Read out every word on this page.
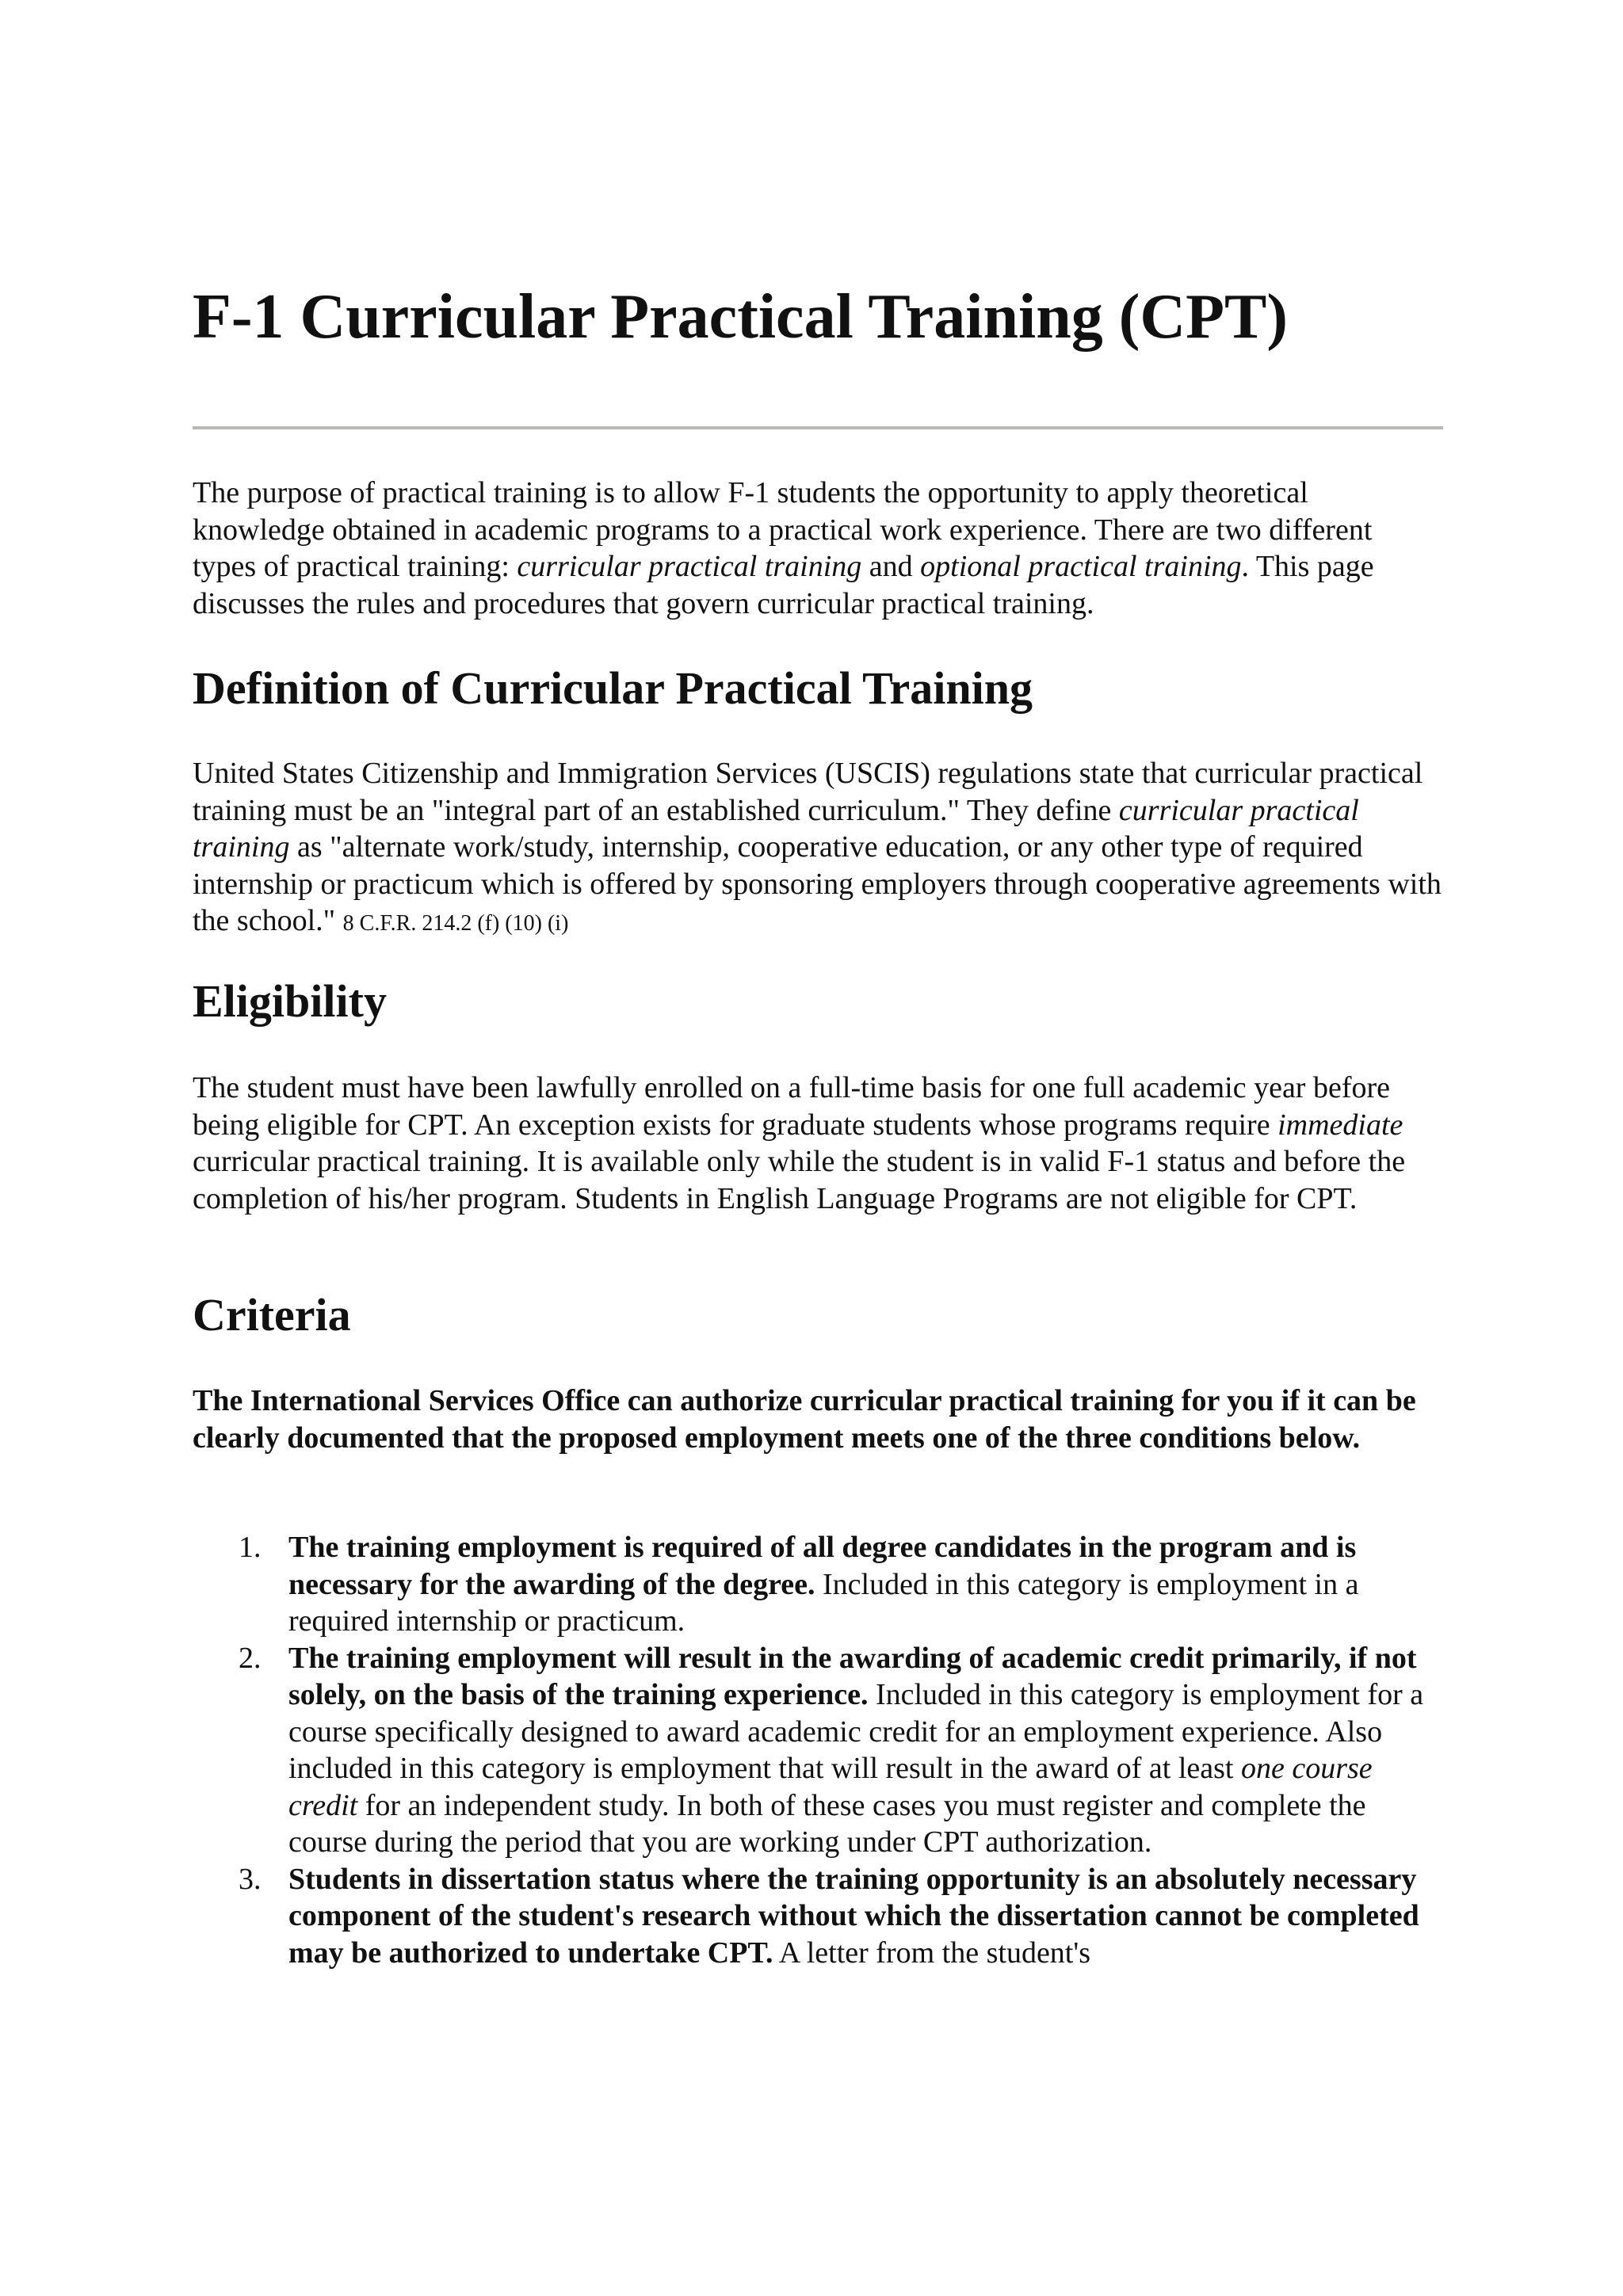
F-1 Curricular Practical Training (CPT)

The purpose of practical training is to allow F-1 students the opportunity to apply theoretical knowledge obtained in academic programs to a practical work experience. There are two different types of practical training: curricular practical training and optional practical training. This page discusses the rules and procedures that govern curricular practical training.

Definition of Curricular Practical Training

United States Citizenship and Immigration Services (USCIS) regulations state that curricular practical training must be an "integral part of an established curriculum." They define curricular practical training as "alternate work/study, internship, cooperative education, or any other type of required internship or practicum which is offered by sponsoring employers through cooperative agreements with the school." 8 C.F.R. 214.2 (f) (10) (i)

Eligibility

The student must have been lawfully enrolled on a full-time basis for one full academic year before being eligible for CPT. An exception exists for graduate students whose programs require immediate curricular practical training. It is available only while the student is in valid F-1 status and before the completion of his/her program. Students in English Language Programs are not eligible for CPT.

Criteria

The International Services Office can authorize curricular practical training for you if it can be clearly documented that the proposed employment meets one of the three conditions below.

1. The training employment is required of all degree candidates in the program and is necessary for the awarding of the degree. Included in this category is employment in a required internship or practicum.
2. The training employment will result in the awarding of academic credit primarily, if not solely, on the basis of the training experience. Included in this category is employment for a course specifically designed to award academic credit for an employment experience. Also included in this category is employment that will result in the award of at least one course credit for an independent study. In both of these cases you must register and complete the course during the period that you are working under CPT authorization.
3. Students in dissertation status where the training opportunity is an absolutely necessary component of the student's research without which the dissertation cannot be completed may be authorized to undertake CPT. A letter from the student's
